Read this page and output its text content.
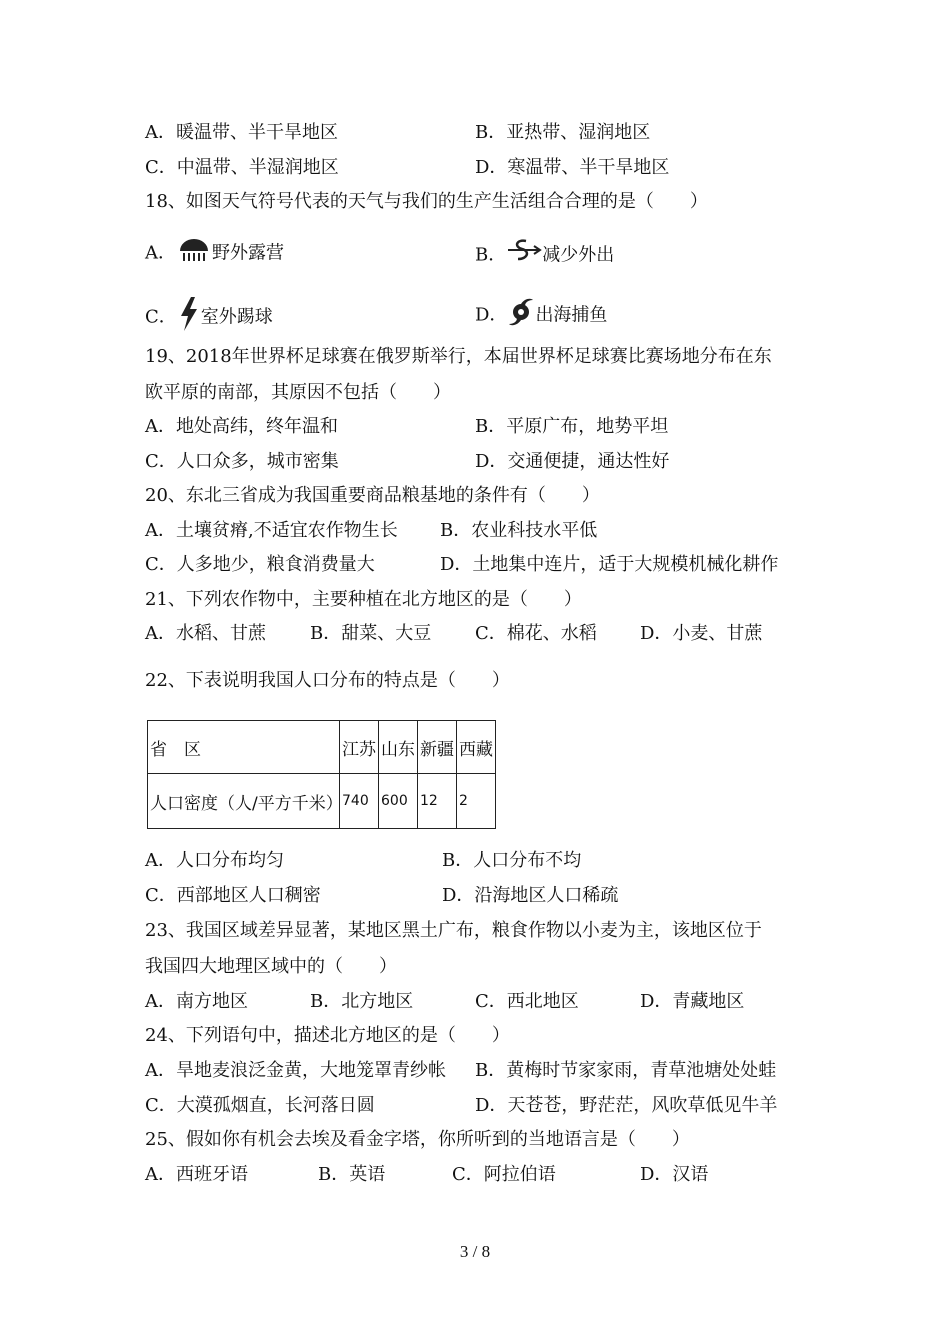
A．暖温带、半干旱地区	B．亚热带、湿润地区
C．中温带、半湿润地区	D．寒温带、半干旱地区
18、如图天气符号代表的天气与我们的生产生活组合合理的是（　　）
A． 野外露营	B． 减少外出
C． 室外踢球	D． 出海捕鱼
19、2018年世界杯足球赛在俄罗斯举行，本届世界杯足球赛比赛场地分布在东
欧平原的南部，其原因不包括（　　）
A．地处高纬，终年温和	B．平原广布，地势平坦
C．人口众多，城市密集	D．交通便捷，通达性好
20、东北三省成为我国重要商品粮基地的条件有（　　）
A．土壤贫瘠,不适宜农作物生长 B．农业科技水平低
C．人多地少，粮食消费量大	D．土地集中连片，适于大规模机械化耕作
21、下列农作物中，主要种植在北方地区的是（　　）
A．水稻、甘蔗 B．甜菜、大豆 C．棉花、水稻 D．小麦、甘蔗
22、下表说明我国人口分布的特点是（　　）
省　区	江苏	山东	新疆	西藏
人口密度（人/平方千米）	740	600	12	2
A．人口分布均匀	B．人口分布不均
C．西部地区人口稠密	D．沿海地区人口稀疏
23、我国区域差异显著，某地区黑土广布，粮食作物以小麦为主，该地区位于
我国四大地理区域中的（　　）
A．南方地区	B．北方地区	C．西北地区	D．青藏地区
24、下列语句中，描述北方地区的是（　　）
A．旱地麦浪泛金黄，大地笼罩青纱帐 B．黄梅时节家家雨，青草池塘处处蛙
C．大漠孤烟直，长河落日圆	D．天苍苍，野茫茫，风吹草低见牛羊
25、假如你有机会去埃及看金字塔，你所听到的当地语言是（　　）
A．西班牙语	B．英语	C．阿拉伯语	D．汉语
3 / 8
